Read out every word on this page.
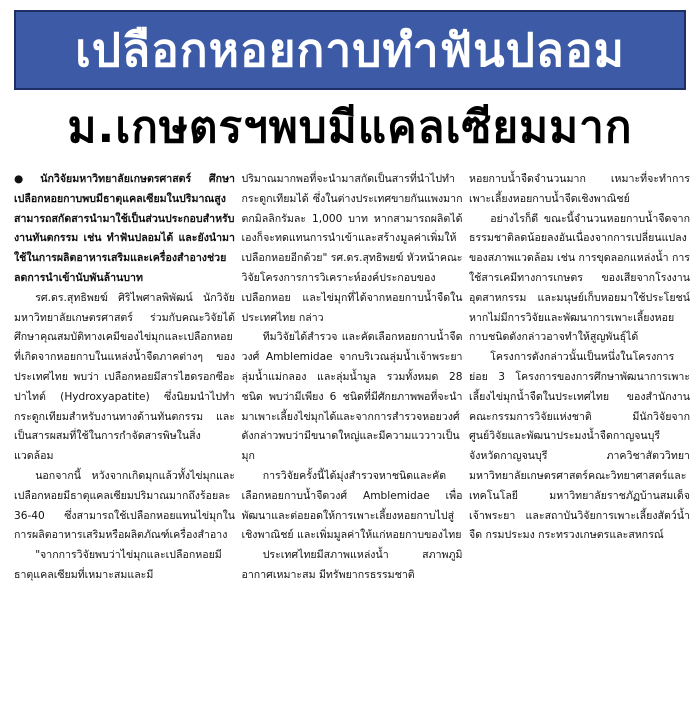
เปลือกหอยกาบทำฟันปลอม
ม.เกษตรฯพบมีแคลเซียมมาก

● นักวิจัยมหาวิทยาลัยเกษตรศาสตร์ ศึกษาเปลือกหอยกาบพบมีธาตุแคลเซียมในปริมาณสูง สามารถสกัดสารนำมาใช้เป็นส่วนประกอบสำหรับงานทันตกรรม เช่น ทำฟันปลอมได้ และยังนำมาใช้ในการผลิตอาหารเสริมและเครื่องสำอางช่วยลดการนำเข้านับพันล้านบาท

รศ.ดร.สุทธิพยฆ์ ศิริไพศาลพิพัฒน์ นักวิจัยมหาวิทยาลัยเกษตรศาสตร์ ร่วมกับคณะวิจัยได้ศึกษาคุณสมบัติทางเคมีของไข่มุกและเปลือกหอยที่เกิดจากหอยกาบในแหล่งน้ำจืดภาคต่างๆ ของประเทศไทย พบว่า เปลือกหอยมีสารไฮดรอกซีอะปาไทต์ (Hydroxyapatite) ซึ่งนิยมนำไปทำกระดูกเทียมสำหรับงานทางด้านทันตกรรม และเป็นสารผสมที่ใช้ในการกำจัดสารพิษในสิ่งแวดล้อม

นอกจากนี้ หวังจากเกิดมุกแล้วทั้งไข่มุกและเปลือกหอยมีธาตุแคลเซียมปริมาณมากถึงร้อยละ 36-40 ซึ่งสามารถใช้เปลือกหอยแทนไข่มุกในการผลิตอาหารเสริมหรือผลิตภัณฑ์เครื่องสำอาง

"จากการวิจัยพบว่าไข่มุกและเปลือกหอยมีธาตุแคลเซียมที่เหมาะสมและมี

ปริมาณมากพอที่จะนำมาสกัดเป็นสารที่นำไปทำกระดูกเทียมได้ ซึ่งในต่างประเทศขายกันแพงมาก ตกมิลลิกรัมละ 1,000 บาท หากสามารถผลิตได้เองก็จะทดแทนการนำเข้าและสร้างมูลค่าเพิ่มให้เปลือกหอยอีกด้วย" รศ.ดร.สุทธิพยฆ์ หัวหน้าคณะวิจัยโครงการการวิเคราะห์องค์ประกอบของเปลือกหอย และไข่มุกที่ได้จากหอยกาบน้ำจืดในประเทศไทย กล่าว

ทีมวิจัยได้สำรวจ และคัดเลือกหอยกาบน้ำจืดวงศ์ Amblemidae จากบริเวณลุ่มน้ำเจ้าพระยา ลุ่มน้ำแม่กลอง และลุ่มน้ำมูล รวมทั้งหมด 28 ชนิด พบว่ามีเพียง 6 ชนิดที่มีศักยภาพพอที่จะนำมาเพาะเลี้ยงไข่มุกได้และจากการสำรวจหอยวงศ์ดังกล่าวพบว่ามีขนาดใหญ่และมีความแววาวเป็นมุก

การวิจัยครั้งนี้ได้มุ่งสำรวจหาชนิดและคัดเลือกหอยกาบน้ำจืดวงศ์ Amblemidae เพื่อพัฒนาและต่อยอดให้การเพาะเลี้ยงหอยกาบไปสู่เชิงพาณิชย์ และเพิ่มมูลค่าให้แก่หอยกาบของไทย

ประเทศไทยมีสภาพแหล่งน้ำ สภาพภูมิอากาศเหมาะสม มีทรัพยากรธรรมชาติ

หอยกาบน้ำจืดจำนวนมาก เหมาะที่จะทำการเพาะเลี้ยงหอยกาบน้ำจืดเชิงพาณิชย์

อย่างไรก็ดี ขณะนี้จำนวนหอยกาบน้ำจืดจากธรรมชาติลดน้อยลงอันเนื่องจากการเปลี่ยนแปลงของสภาพแวดล้อม เช่น การขุดลอกแหล่งน้ำ การใช้สารเคมีทางการเกษตร ของเสียจากโรงงานอุตสาหกรรม และมนุษย์เก็บหอยมาใช้ประโยชน์ หากไม่มีการวิจัยและพัฒนาการเพาะเลี้ยงหอยกาบชนิดดังกล่าวอาจทำให้สูญพันธุ์ได้

โครงการดังกล่าวนั้นเป็นหนึ่งในโครงการย่อย 3 โครงการของการศึกษาพัฒนาการเพาะเลี้ยงไข่มุกน้ำจืดในประเทศไทย ของสำนักงานคณะกรรมการวิจัยแห่งชาติ มีนักวิจัยจากศูนย์วิจัยและพัฒนาประมงน้ำจืดกาญจนบุรี จังหวัดกาญจนบุรี ภาควิชาสัตววิทยา มหาวิทยาลัยเกษตรศาสตร์คณะวิทยาศาสตร์และเทคโนโลยี มหาวิทยาลัยราชภัฏบ้านสมเด็จเจ้าพระยา และสถาบันวิจัยการเพาะเลี้ยงสัตว์น้ำจืด กรมประมง กระทรวงเกษตรและสหกรณ์
